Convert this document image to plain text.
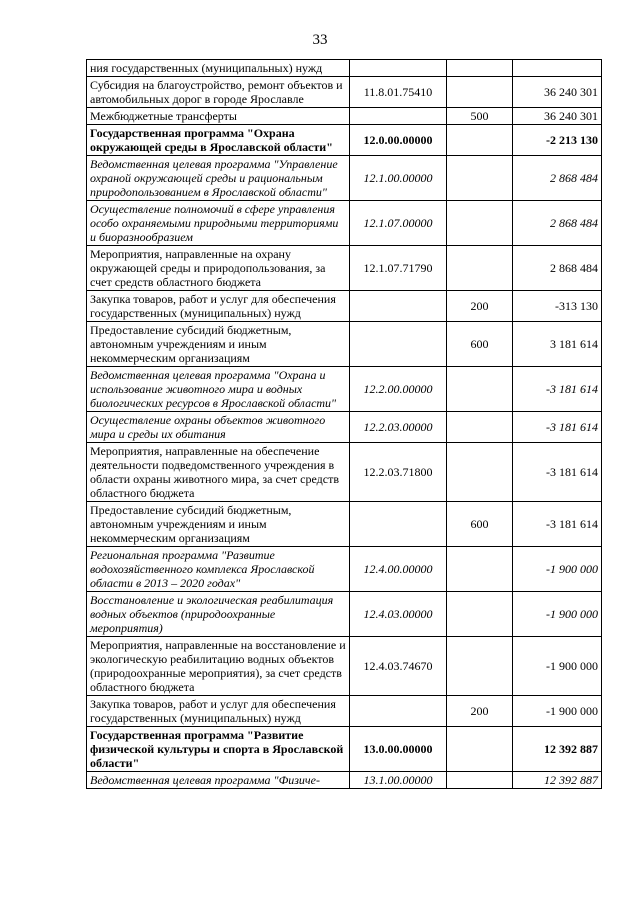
33
ния государственных (муниципальных) нужд			
Субсидия на благоустройство, ремонт объектов и автомобильных дорог в городе Ярославле	11.8.01.75410		36 240 301
Межбюджетные трансферты		500	36 240 301
Государственная программа "Охрана окружающей среды в Ярославской области"	12.0.00.00000		-2 213 130
Ведомственная целевая программа "Управление охраной окружающей среды и рациональным природопользованием в Ярославской области"	12.1.00.00000		2 868 484
Осуществление полномочий в сфере управления особо охраняемыми природными территориями и биоразнообразием	12.1.07.00000		2 868 484
Мероприятия, направленные на охрану окружающей среды и природопользования, за счет средств областного бюджета	12.1.07.71790		2 868 484
Закупка товаров, работ и услуг для обеспечения государственных (муниципальных) нужд		200	-313 130
Предоставление субсидий бюджетным, автономным учреждениям и иным некоммерческим организациям		600	3 181 614
Ведомственная целевая программа "Охрана и использование животного мира и водных биологических ресурсов в Ярославской области"	12.2.00.00000		-3 181 614
Осуществление охраны объектов животного мира и среды их обитания	12.2.03.00000		-3 181 614
Мероприятия, направленные на обеспечение деятельности подведомственного учреждения в области охраны животного мира, за счет средств областного бюджета	12.2.03.71800		-3 181 614
Предоставление субсидий бюджетным, автономным учреждениям и иным некоммерческим организациям		600	-3 181 614
Региональная программа "Развитие водохозяйственного комплекса Ярославской области в 2013 – 2020 годах"	12.4.00.00000		-1 900 000
Восстановление и экологическая реабилитация водных объектов (природоохранные мероприятия)	12.4.03.00000		-1 900 000
Мероприятия, направленные на восстановление и экологическую реабилитацию водных объектов (природоохранные мероприятия), за счет средств областного бюджета	12.4.03.74670		-1 900 000
Закупка товаров, работ и услуг для обеспечения государственных (муниципальных) нужд		200	-1 900 000
Государственная программа "Развитие физической культуры и спорта в Ярославской области"	13.0.00.00000		12 392 887
Ведомственная целевая программа "Физиче-	13.1.00.00000		12 392 887
